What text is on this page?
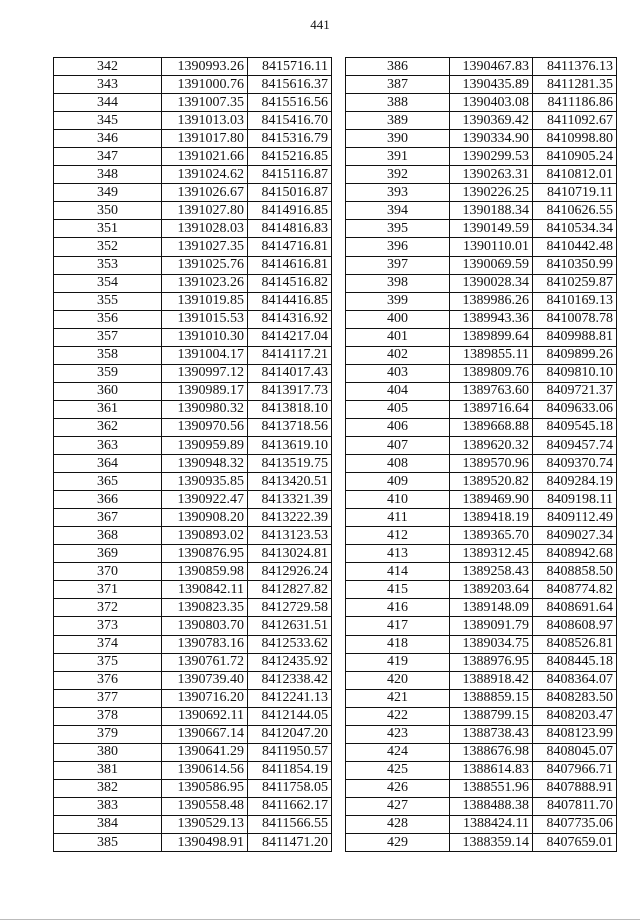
441
342	1390993.26	8415716.11
343	1391000.76	8415616.37
344	1391007.35	8415516.56
345	1391013.03	8415416.70
346	1391017.80	8415316.79
347	1391021.66	8415216.85
348	1391024.62	8415116.87
349	1391026.67	8415016.87
350	1391027.80	8414916.85
351	1391028.03	8414816.83
352	1391027.35	8414716.81
353	1391025.76	8414616.81
354	1391023.26	8414516.82
355	1391019.85	8414416.85
356	1391015.53	8414316.92
357	1391010.30	8414217.04
358	1391004.17	8414117.21
359	1390997.12	8414017.43
360	1390989.17	8413917.73
361	1390980.32	8413818.10
362	1390970.56	8413718.56
363	1390959.89	8413619.10
364	1390948.32	8413519.75
365	1390935.85	8413420.51
366	1390922.47	8413321.39
367	1390908.20	8413222.39
368	1390893.02	8413123.53
369	1390876.95	8413024.81
370	1390859.98	8412926.24
371	1390842.11	8412827.82
372	1390823.35	8412729.58
373	1390803.70	8412631.51
374	1390783.16	8412533.62
375	1390761.72	8412435.92
376	1390739.40	8412338.42
377	1390716.20	8412241.13
378	1390692.11	8412144.05
379	1390667.14	8412047.20
380	1390641.29	8411950.57
381	1390614.56	8411854.19
382	1390586.95	8411758.05
383	1390558.48	8411662.17
384	1390529.13	8411566.55
385	1390498.91	8411471.20
386	1390467.83	8411376.13
387	1390435.89	8411281.35
388	1390403.08	8411186.86
389	1390369.42	8411092.67
390	1390334.90	8410998.80
391	1390299.53	8410905.24
392	1390263.31	8410812.01
393	1390226.25	8410719.11
394	1390188.34	8410626.55
395	1390149.59	8410534.34
396	1390110.01	8410442.48
397	1390069.59	8410350.99
398	1390028.34	8410259.87
399	1389986.26	8410169.13
400	1389943.36	8410078.78
401	1389899.64	8409988.81
402	1389855.11	8409899.26
403	1389809.76	8409810.10
404	1389763.60	8409721.37
405	1389716.64	8409633.06
406	1389668.88	8409545.18
407	1389620.32	8409457.74
408	1389570.96	8409370.74
409	1389520.82	8409284.19
410	1389469.90	8409198.11
411	1389418.19	8409112.49
412	1389365.70	8409027.34
413	1389312.45	8408942.68
414	1389258.43	8408858.50
415	1389203.64	8408774.82
416	1389148.09	8408691.64
417	1389091.79	8408608.97
418	1389034.75	8408526.81
419	1388976.95	8408445.18
420	1388918.42	8408364.07
421	1388859.15	8408283.50
422	1388799.15	8408203.47
423	1388738.43	8408123.99
424	1388676.98	8408045.07
425	1388614.83	8407966.71
426	1388551.96	8407888.91
427	1388488.38	8407811.70
428	1388424.11	8407735.06
429	1388359.14	8407659.01
